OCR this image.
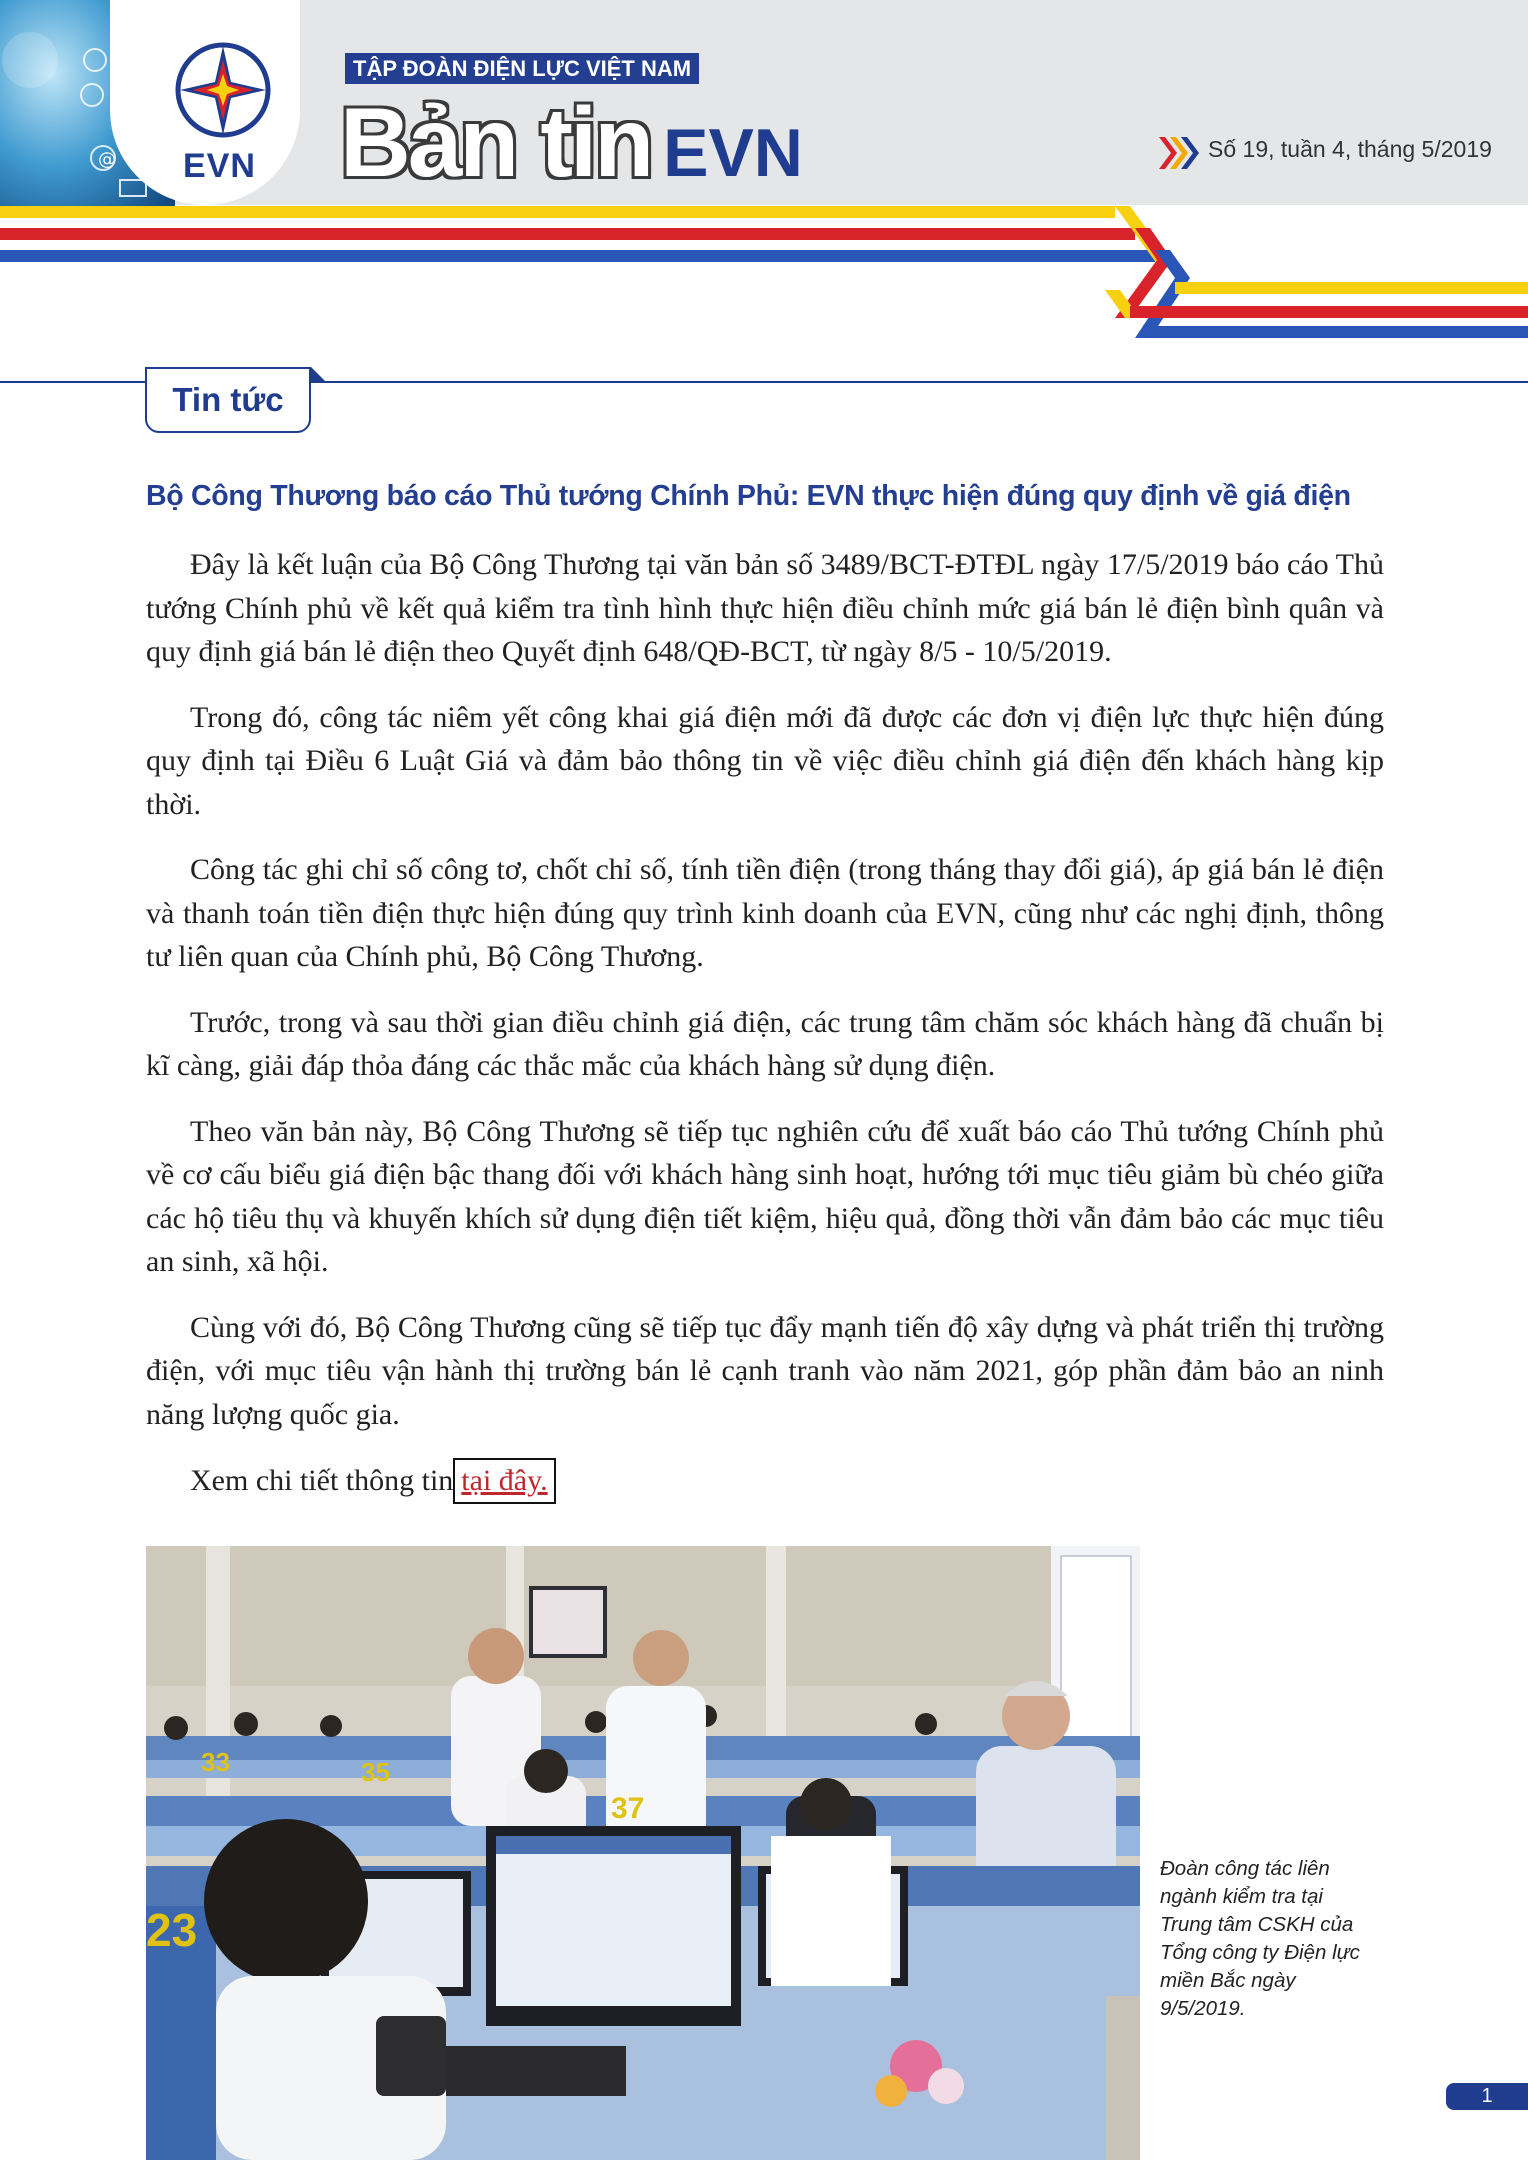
@ EVN
TẬP ĐOÀN ĐIỆN LỰC VIỆT NAM
Bản tin EVN	Số 19, tuần 4, tháng 5/2019
Tin tức
Bộ Công Thương báo cáo Thủ tướng Chính Phủ: EVN thực hiện đúng quy định về giá điện

Đây là kết luận của Bộ Công Thương tại văn bản số 3489/BCT-ĐTĐL ngày 17/5/2019 báo cáo Thủ tướng Chính phủ về kết quả kiểm tra tình hình thực hiện điều chỉnh mức giá bán lẻ điện bình quân và quy định giá bán lẻ điện theo Quyết định 648/QĐ-BCT, từ ngày 8/5 - 10/5/2019.

Trong đó, công tác niêm yết công khai giá điện mới đã được các đơn vị điện lực thực hiện đúng quy định tại Điều 6 Luật Giá và đảm bảo thông tin về việc điều chỉnh giá điện đến khách hàng kịp thời.

Công tác ghi chỉ số công tơ, chốt chỉ số, tính tiền điện (trong tháng thay đổi giá), áp giá bán lẻ điện và thanh toán tiền điện thực hiện đúng quy trình kinh doanh của EVN, cũng như các nghị định, thông tư liên quan của Chính phủ, Bộ Công Thương.

Trước, trong và sau thời gian điều chỉnh giá điện, các trung tâm chăm sóc khách hàng đã chuẩn bị kĩ càng, giải đáp thỏa đáng các thắc mắc của khách hàng sử dụng điện.

Theo văn bản này, Bộ Công Thương sẽ tiếp tục nghiên cứu để xuất báo cáo Thủ tướng Chính phủ về cơ cấu biểu giá điện bậc thang đối với khách hàng sinh hoạt, hướng tới mục tiêu giảm bù chéo giữa các hộ tiêu thụ và khuyến khích sử dụng điện tiết kiệm, hiệu quả, đồng thời vẫn đảm bảo các mục tiêu an sinh, xã hội.

Cùng với đó, Bộ Công Thương cũng sẽ tiếp tục đẩy mạnh tiến độ xây dựng và phát triển thị trường điện, với mục tiêu vận hành thị trường bán lẻ cạnh tranh vào năm 2021, góp phần đảm bảo an ninh năng lượng quốc gia.

Xem chi tiết thông tin tại đây.
33	35
37
23
Đoàn công tác liên ngành kiểm tra tại Trung tâm CSKH của Tổng công ty Điện lực miền Bắc ngày 9/5/2019.
1
